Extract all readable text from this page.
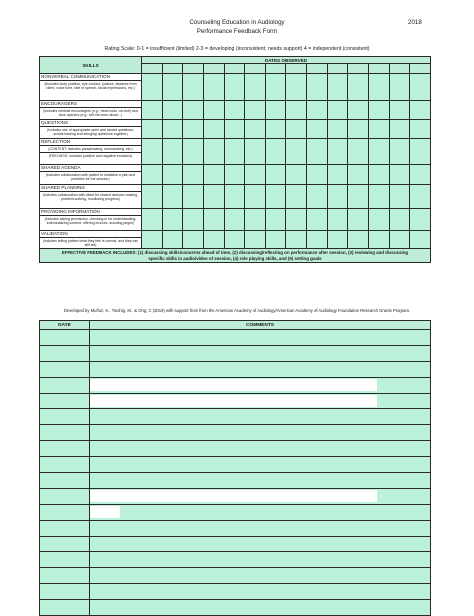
Counseling Education in Audiology
Performance Feedback Form
2018
Rating Scale: 0-1 = insufficient (limited) 2-3 = developing (inconsistent; needs support) 4 = independent (consistent)
SKILLS	DATES OBSERVED													

NONVERBAL COMMUNICATION
(includes body position, eye contact, posture, distance from client, voice tone, rate of speech, facial expressions, etc.)														

ENCOURAGERS
(includes minimal encouragers (e.g., head nods, uh-huh) and door openers (e.g., tell me more about...)														

QUESTIONS
(includes use of appropriate open and closed questions; avoids leading and stringing questions together)														

REFLECTION
(CONTENT: includes paraphrasing, summarizing, etc.)
(FEELINGS: includes positive and negative emotions)														

SHARED AGENDA
(includes collaboration with patient to establish a plan and priorities for the session)														

SHARED PLANNING
(includes collaboration with client for shared decision-making, problem-solving, monitoring progress)														

PROVIDING INFORMATION
(includes asking permission, checking in for understanding, individualizing content, offering choices, avoiding jargon)														

VALIDATION
(includes telling patient what they feel is normal, and they can still act)														

EFFECTIVE FEEDBACK INCLUDES: (1) discussing skills/concerns ahead of time, (2) discussing/reflecting on performance after session, (3) reviewing and discussing
specific skills in audio/video of session, (4) role playing skills, and (5) setting goals														
Developed by Muñoz, K., Twohig, M., & Ong, C (2018) with support from from the American Academy of Audiology/American Academy of Audiology Foundation Research Grants Program.
DATE	COMMENTS
